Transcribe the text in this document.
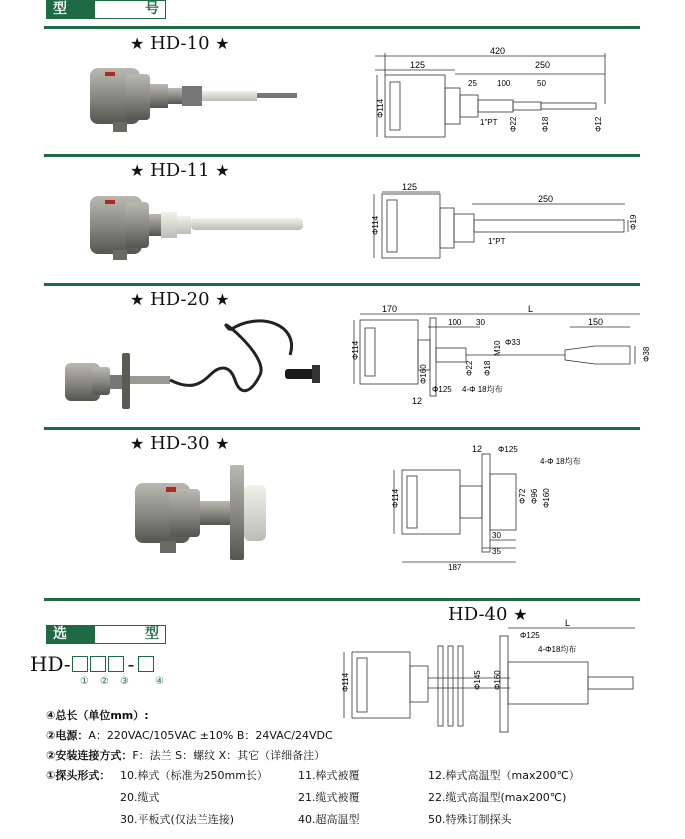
型	号
★ HD-10 ★
★ HD-11 ★
★ HD-20 ★
★ HD-30 ★
HD-40 ★
420
125	250
25	100	50
Φ114
1"PT Φ22	Φ18	Φ12
125
250
Φ114
1"PT
Φ19
170	L
100 30	150
Φ114
Φ160	Φ22 Φ18
M10 Φ33
Φ38
12
Φ125 4-Φ 18均布
12 Φ125
4-Φ 18均布
Φ114	Φ72 Φ96 Φ160
30
35
187
L
Φ125
4-Φ18均布
Φ114	Φ145 Φ160
选	型
HD-	-
① ② ③	④
④总长（单位mm）:
②电源：A：220VAC/105VAC ±10% B：24VAC/24VDC
②安装连接方式：F：法兰 S：螺纹 X：其它（详细备注）
①探头形式： 10.棒式（标准为250mm长）	11.棒式被覆	12.棒式高温型（max200℃）
20.缆式	21.缆式被覆	22.缆式高温型(max200℃)
30.平板式(仅法兰连接)	40.超高温型	50.特殊订制探头
